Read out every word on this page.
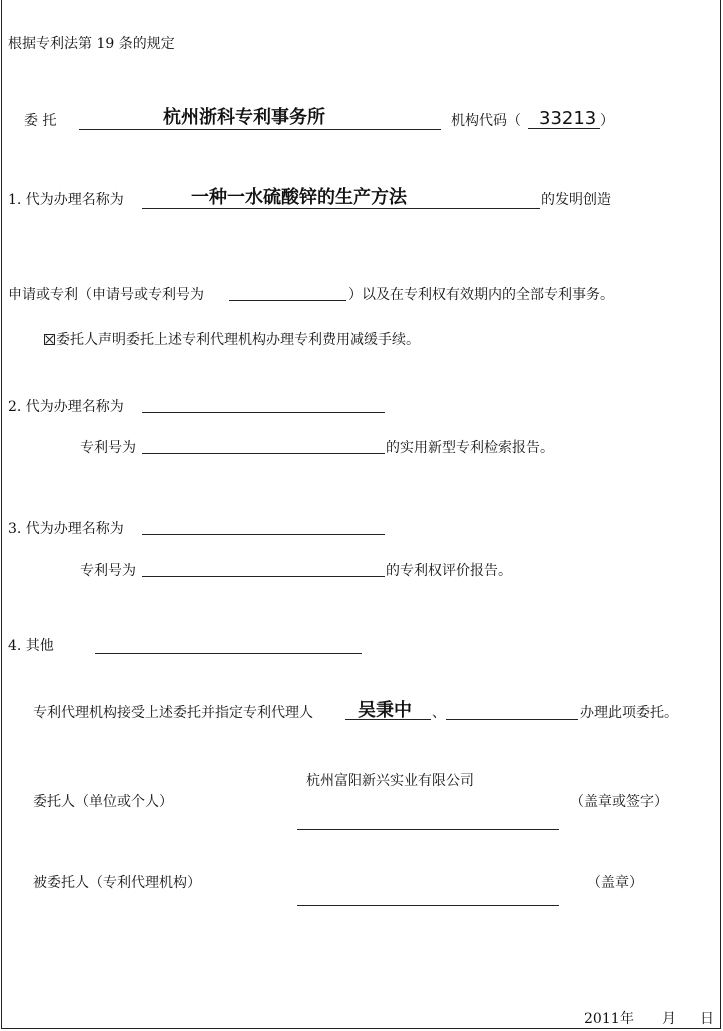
根据专利法第 19 条的规定
委 托	杭州浙科专利事务所	机构代码（ 33213 ）
1. 代为办理名称为	一种一水硫酸锌的生产方法	的发明创造
申请或专利（申请号或专利号为	）以及在专利权有效期内的全部专利事务。
委托人声明委托上述专利代理机构办理专利费用减缓手续。
2. 代为办理名称为
专利号为	的实用新型专利检索报告。
3. 代为办理名称为
专利号为	的专利权评价报告。
4. 其他
专利代理机构接受上述委托并指定专利代理人	吴秉中 、	办理此项委托。
杭州富阳新兴实业有限公司
委托人（单位或个人）	（盖章或签字）
被委托人（专利代理机构）	（盖章）
2011 年 月 日
